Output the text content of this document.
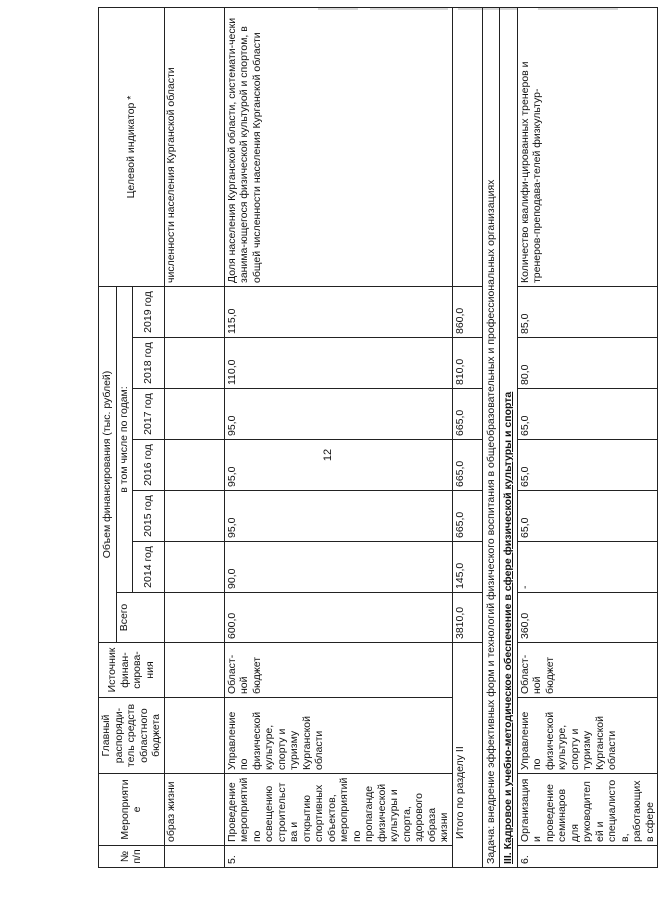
12
№ п/п	Мероприятие	Главный распоряди-тель средств областного бюджета	Источник финан-сирова-ния	Объем финансирования (тыс. рублей)							Целевой индикатор *
				Всего	в том числе по годам:						
					2014 год	2015 год	2016 год	2017 год	2018 год	2019 год	
	образ жизни										численности населения Курганской области
5.	Проведение мероприятий по освещению строительства и открытию спортивных объектов, мероприятий по пропаганде физической культуры и спорта, здорового образа жизни	Управление по физической культуре, спорту и туризму Курганской области	Област-ной бюджет	600,0	90,0	95,0	95,0	95,0	110,0	115,0	Доля населения Курганской области, системати-чески занима-ющегося физической культурой и спортом, в общей численности населения Курганской области
Итого по разделу II				3810,0	145,0	665,0	665,0	665,0	810,0	860,0	
Задача: внедрение эффективных форм и технологий физического воспитания в общеобразовательных и профессиональных организациях											
III. Кадровое и учебно-методическое обеспечение в сфере физической культуры и спорта											
6.	Организация и проведение семинаров для руководителей и специалистов, работающих в сфере	Управление по физической культуре, спорту и туризму Курганской области	Област-ной бюджет	360,0	-	65,0	65,0	65,0	80,0	85,0	Количество квалифи-цированных тренеров и тренеров-преподава-телей физкультур-
